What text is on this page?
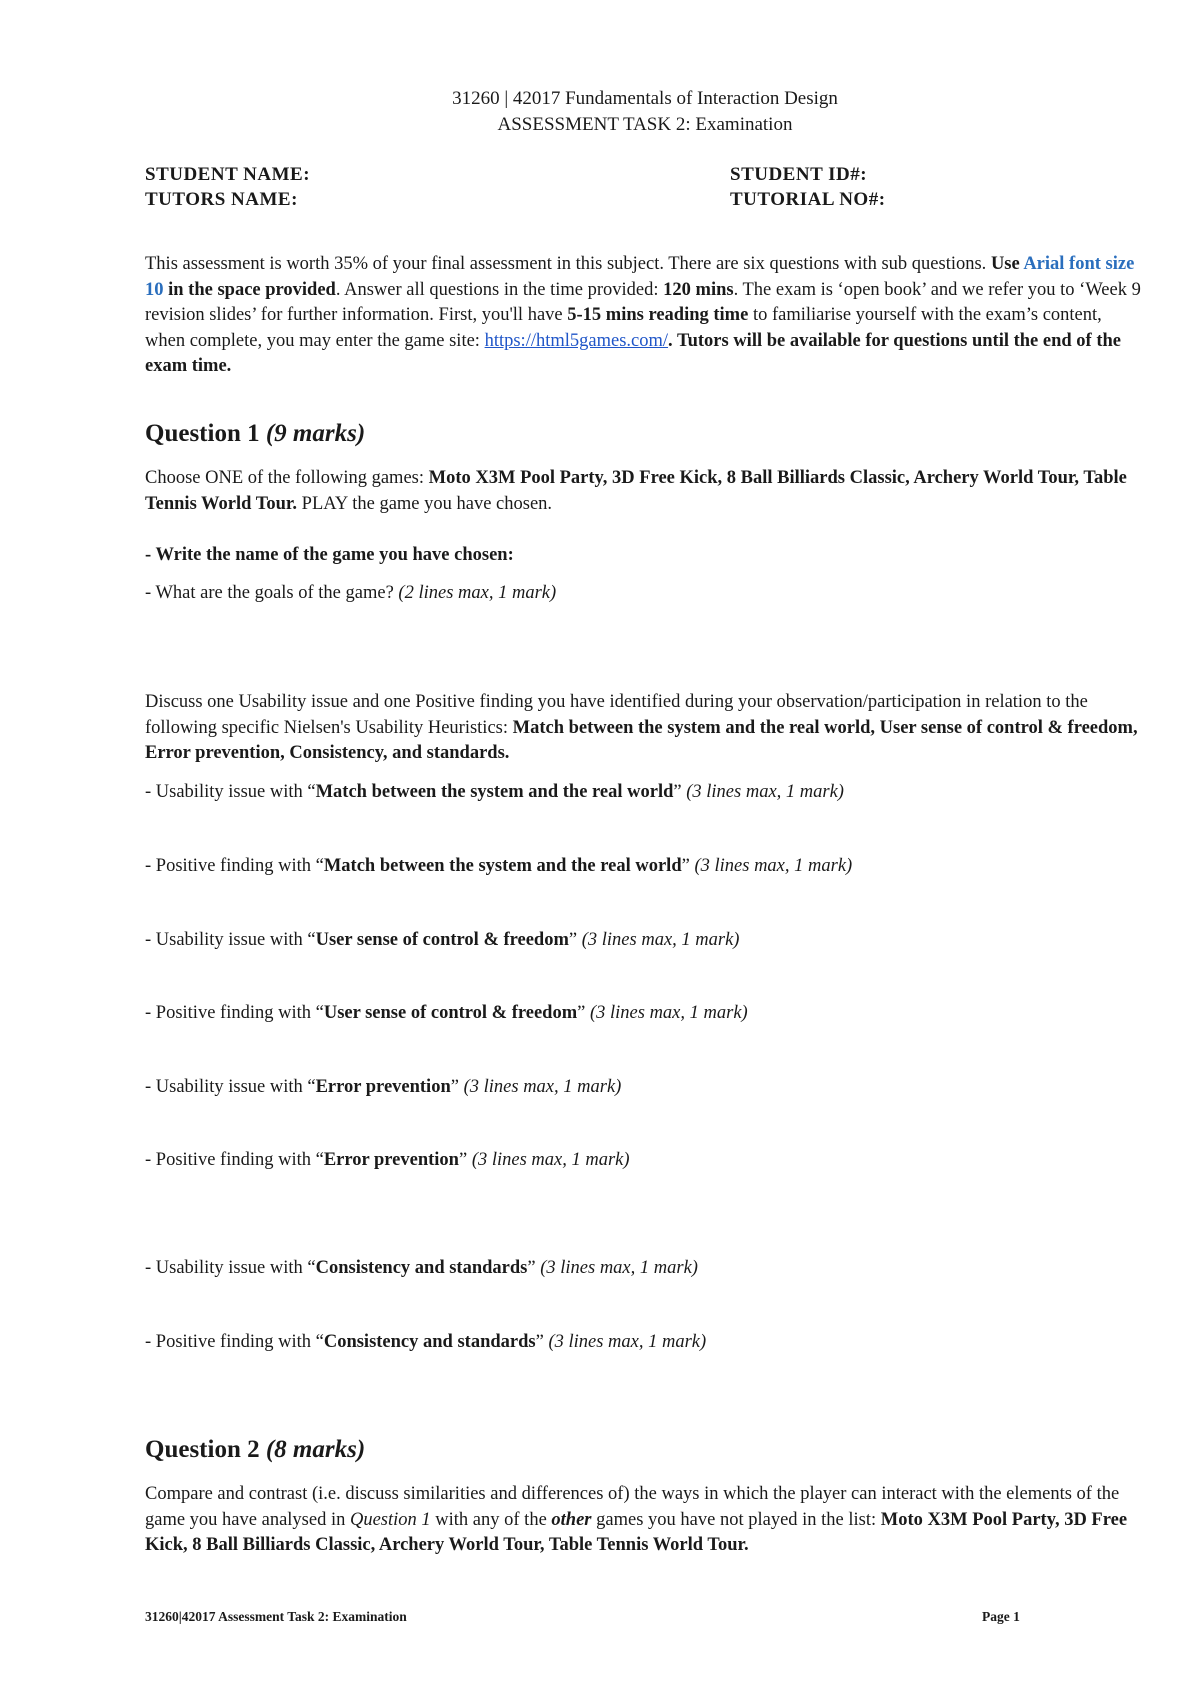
31260 | 42017 Fundamentals of Interaction Design
ASSESSMENT TASK 2: Examination
STUDENT NAME:	STUDENT ID#:
TUTORS NAME:	TUTORIAL NO#:

This assessment is worth 35% of your final assessment in this subject. There are six questions with sub questions. Use Arial font size 10 in the space provided. Answer all questions in the time provided: 120 mins. The exam is ‘open book’ and we refer you to ‘Week 9 revision slides’ for further information. First, you'll have 5-15 mins reading time to familiarise yourself with the exam’s content, when complete, you may enter the game site: https://html5games.com/. Tutors will be available for questions until the end of the exam time.

Question 1 (9 marks)

Choose ONE of the following games: Moto X3M Pool Party, 3D Free Kick, 8 Ball Billiards Classic, Archery World Tour, Table Tennis World Tour. PLAY the game you have chosen.

- Write the name of the game you have chosen:
- What are the goals of the game? (2 lines max, 1 mark)

Discuss one Usability issue and one Positive finding you have identified during your observation/participation in relation to the following specific Nielsen's Usability Heuristics: Match between the system and the real world, User sense of control & freedom, Error prevention, Consistency, and standards.

- Usability issue with “Match between the system and the real world” (3 lines max, 1 mark)
- Positive finding with “Match between the system and the real world” (3 lines max, 1 mark)
- Usability issue with “User sense of control & freedom” (3 lines max, 1 mark)
- Positive finding with “User sense of control & freedom” (3 lines max, 1 mark)
- Usability issue with “Error prevention” (3 lines max, 1 mark)
- Positive finding with “Error prevention” (3 lines max, 1 mark)
- Usability issue with “Consistency and standards” (3 lines max, 1 mark)
- Positive finding with “Consistency and standards” (3 lines max, 1 mark)
Question 2 (8 marks)

Compare and contrast (i.e. discuss similarities and differences of) the ways in which the player can interact with the elements of the game you have analysed in Question 1 with any of the other games you have not played in the list: Moto X3M Pool Party, 3D Free Kick, 8 Ball Billiards Classic, Archery World Tour, Table Tennis World Tour.

31260|42017 Assessment Task 2: Examination	Page 1
